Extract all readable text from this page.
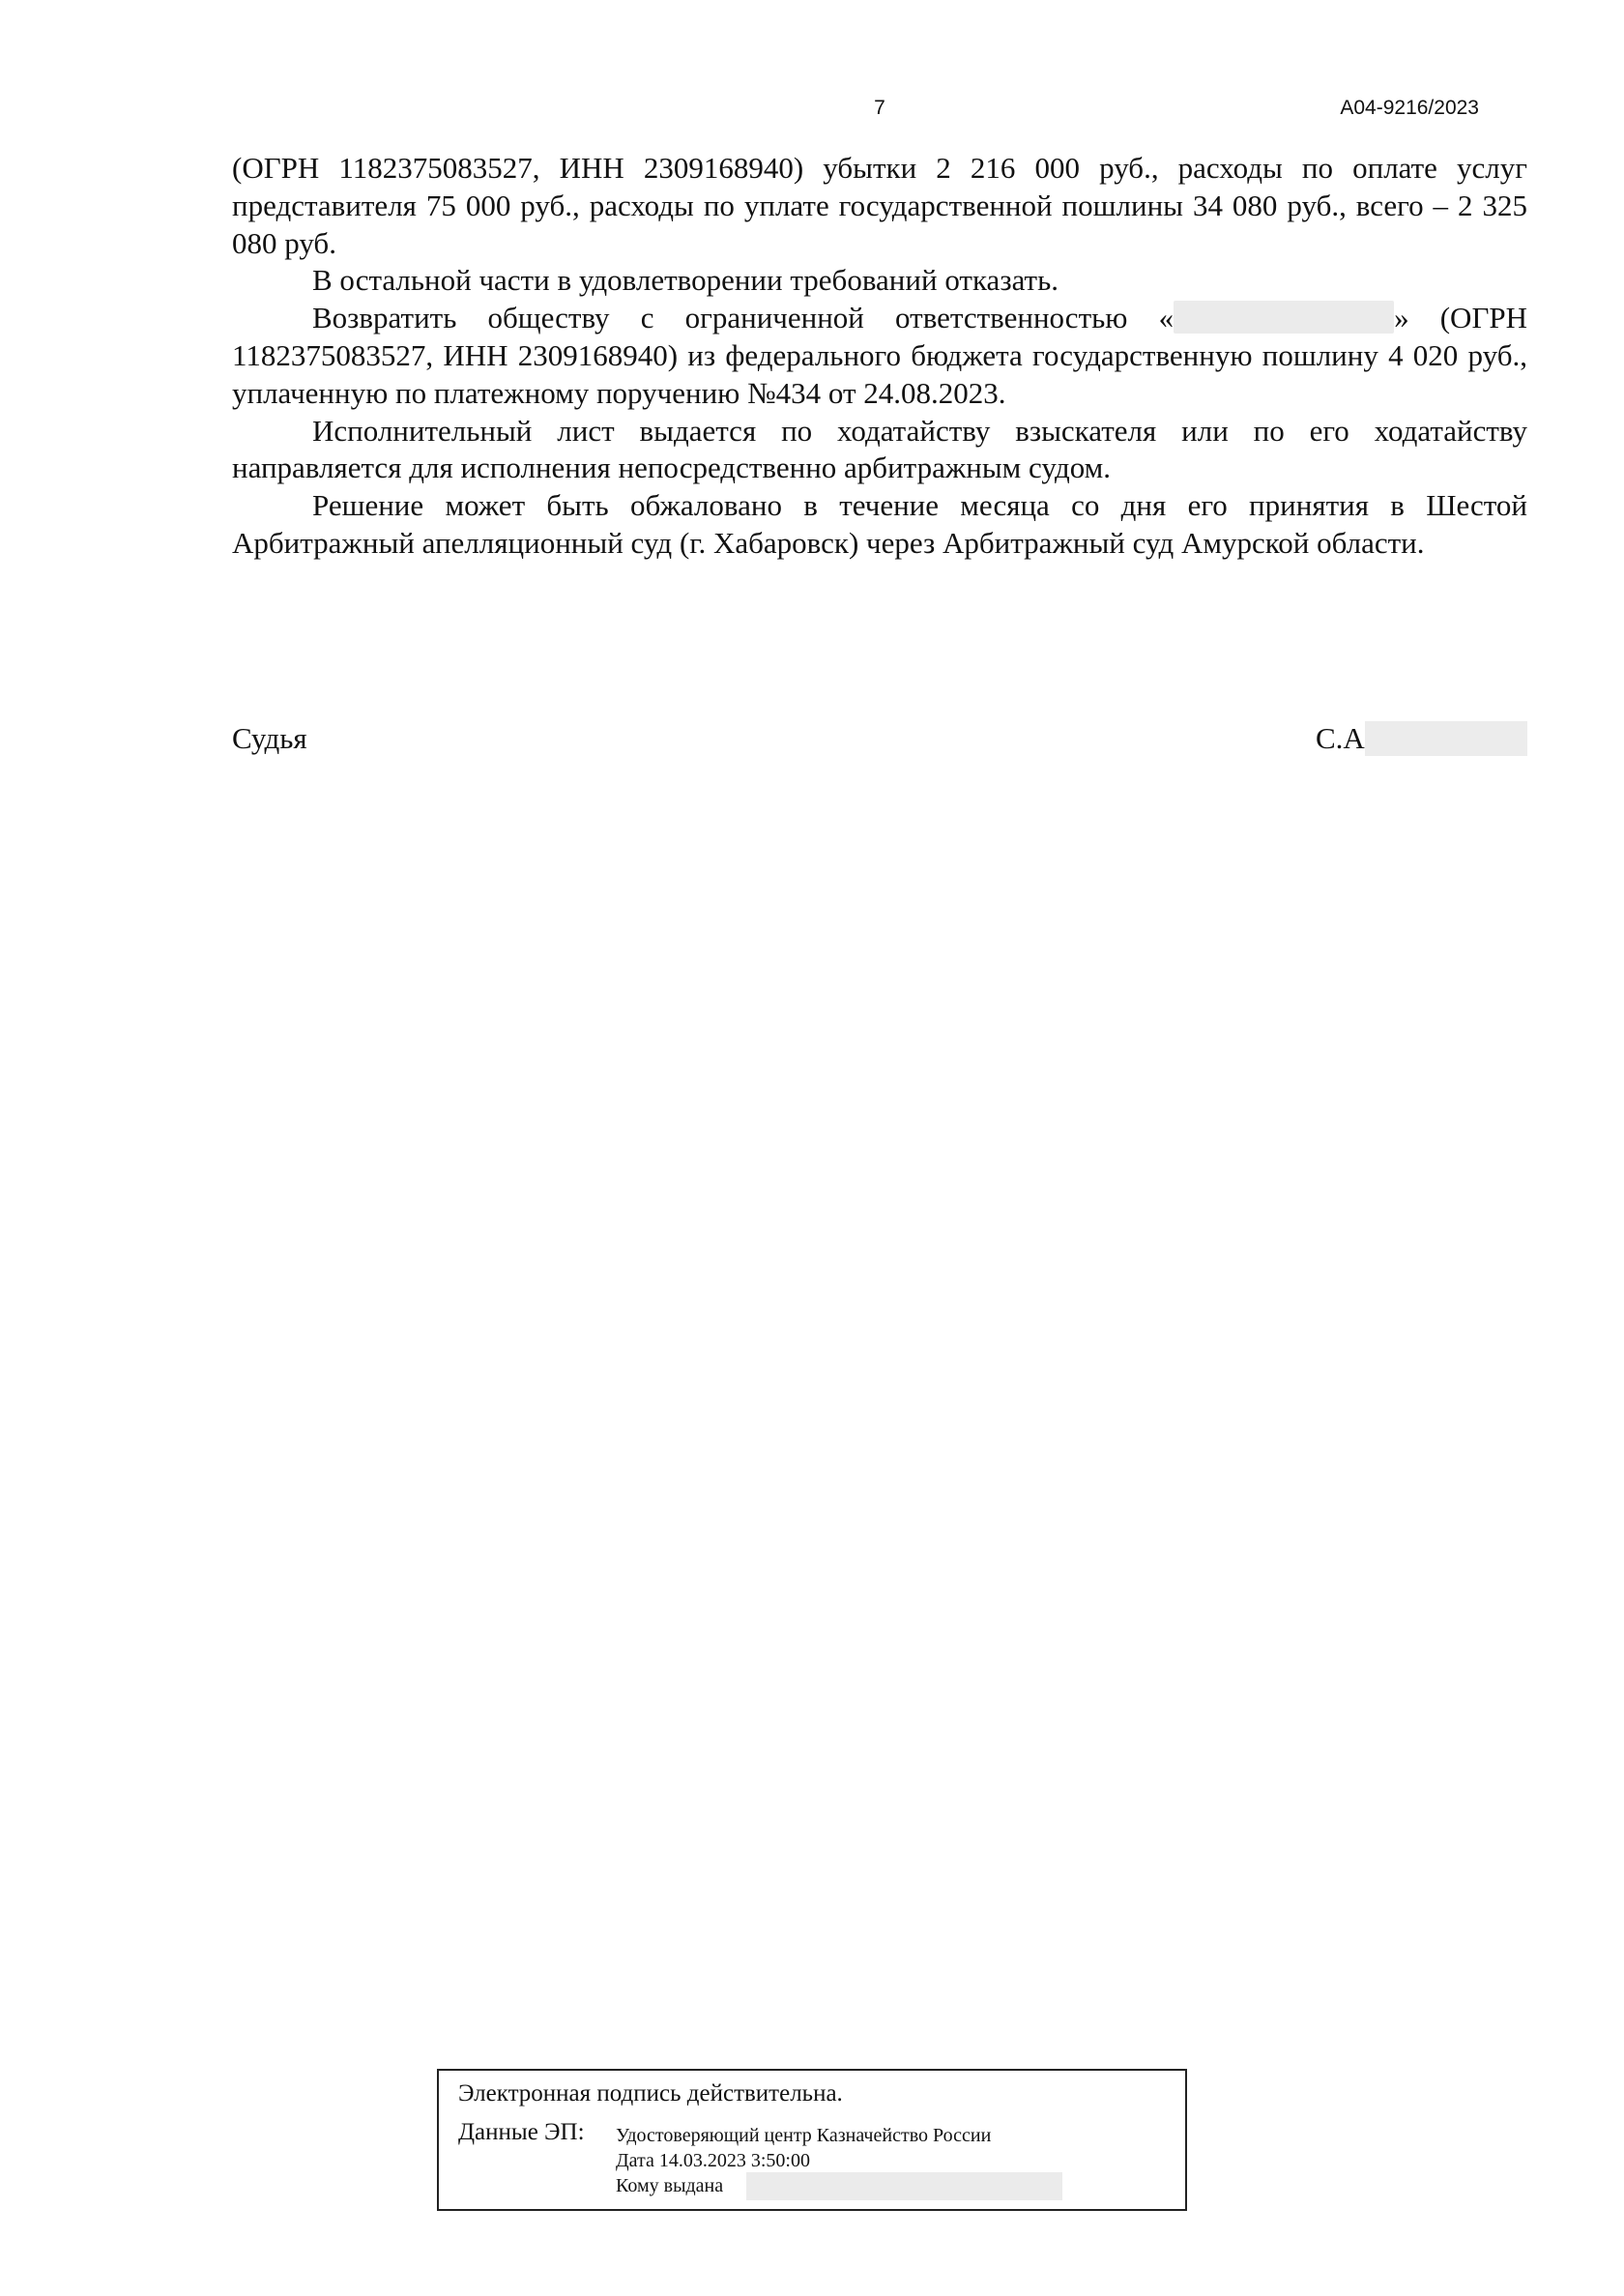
7	А04-9216/2023

(ОГРН 1182375083527, ИНН 2309168940) убытки 2 216 000 руб., расходы по оплате услуг представителя 75 000 руб., расходы по уплате государственной пошлины 34 080 руб., всего – 2 325 080 руб.

В остальной части в удовлетворении требований отказать.

Возвратить обществу с ограниченной ответственностью «	» (ОГРН 1182375083527, ИНН 2309168940) из федерального бюджета государственную пошлину 4 020 руб., уплаченную по платежному поручению №434 от 24.08.2023.

Исполнительный лист выдается по ходатайству взыскателя или по его ходатайству направляется для исполнения непосредственно арбитражным судом.

Решение может быть обжаловано в течение месяца со дня его принятия в Шестой Арбитражный апелляционный суд (г. Хабаровск) через Арбитражный суд Амурской области.

Судья	С.А
Электронная подпись действительна.
Данные ЭП: Удостоверяющий центр Казначейство России
Дата 14.03.2023 3:50:00
Кому выдана
